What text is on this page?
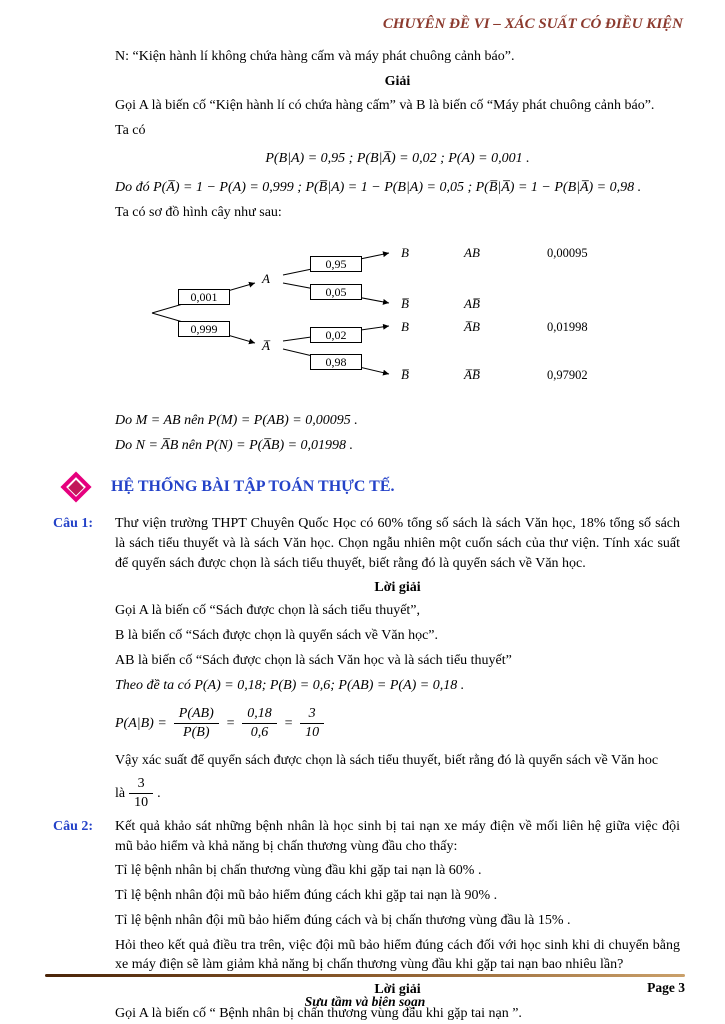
CHUYÊN ĐỀ VI – XÁC SUẤT CÓ ĐIỀU KIỆN
N: “Kiện hành lí không chứa hàng cấm và máy phát chuông cảnh báo”.
Giải
Gọi A là biến cố “Kiện hành lí có chứa hàng cấm” và B là biến cố “Máy phát chuông cảnh báo”.
Ta có
P(B|A) = 0,95 ; P(B|A̅) = 0,02 ; P(A) = 0,001 .
Do đó P(A̅) = 1 − P(A) = 0,999 ; P(B̅|A) = 1 − P(B|A) = 0,05 ; P(B̅|A̅) = 1 − P(B|A̅) = 0,98 .
Ta có sơ đồ hình cây như sau:
0,001
0,999
A
A̅
0,95
0,05
0,02
0,98
B
B̅
B
B̅
AB
AB̅
A̅B
A̅B̅
0,00095
0,01998
0,97902
Do M = AB nên P(M) = P(AB) = 0,00095 .
Do N = A̅B nên P(N) = P(A̅B) = 0,01998 .
HỆ THỐNG BÀI TẬP TOÁN THỰC TẾ.
Câu 1: Thư viện trường THPT Chuyên Quốc Học có 60% tổng số sách là sách Văn học, 18% tổng số sách là sách tiểu thuyết và là sách Văn học. Chọn ngẫu nhiên một cuốn sách của thư viện. Tính xác suất để quyển sách được chọn là sách tiểu thuyết, biết rằng đó là quyển sách về Văn học.
Lời giải
Gọi A là biến cố “Sách được chọn là sách tiểu thuyết”,
B là biến cố “Sách được chọn là quyển sách về Văn học”.
AB là biến cố “Sách được chọn là sách Văn học và là sách tiểu thuyết”
Theo đề ta có P(A) = 0,18; P(B) = 0,6; P(AB) = P(A) = 0,18 .
$P(A|B) = \frac{P(AB)}{P(B)} = \frac{0,18}{0,6} = \frac{3}{10}$
Vậy xác suất để quyển sách được chọn là sách tiểu thuyết, biết rằng đó là quyển sách về Văn hoc
là $\frac{3}{10}$ .
Câu 2: Kết quả khảo sát những bệnh nhân là học sinh bị tai nạn xe máy điện về mối liên hệ giữa việc đội mũ bảo hiểm và khả năng bị chấn thương vùng đầu cho thấy:
Tỉ lệ bệnh nhân bị chấn thương vùng đầu khi gặp tai nạn là 60% .
Tỉ lệ bệnh nhân đội mũ bảo hiểm đúng cách khi gặp tai nạn là 90% .
Tỉ lệ bệnh nhân đội mũ bảo hiểm đúng cách và bị chấn thương vùng đầu là 15% .
Hỏi theo kết quả điều tra trên, việc đội mũ bảo hiểm đúng cách đối với học sinh khi di chuyển bằng xe máy điện sẽ làm giảm khả năng bị chấn thương vùng đầu khi gặp tai nạn bao nhiêu lần?
Lời giải
Gọi A là biến cố “ Bệnh nhân bị chấn thương vùng đầu khi gặp tai nạn ”.
Page 3
Sưu tầm và biên soạn
